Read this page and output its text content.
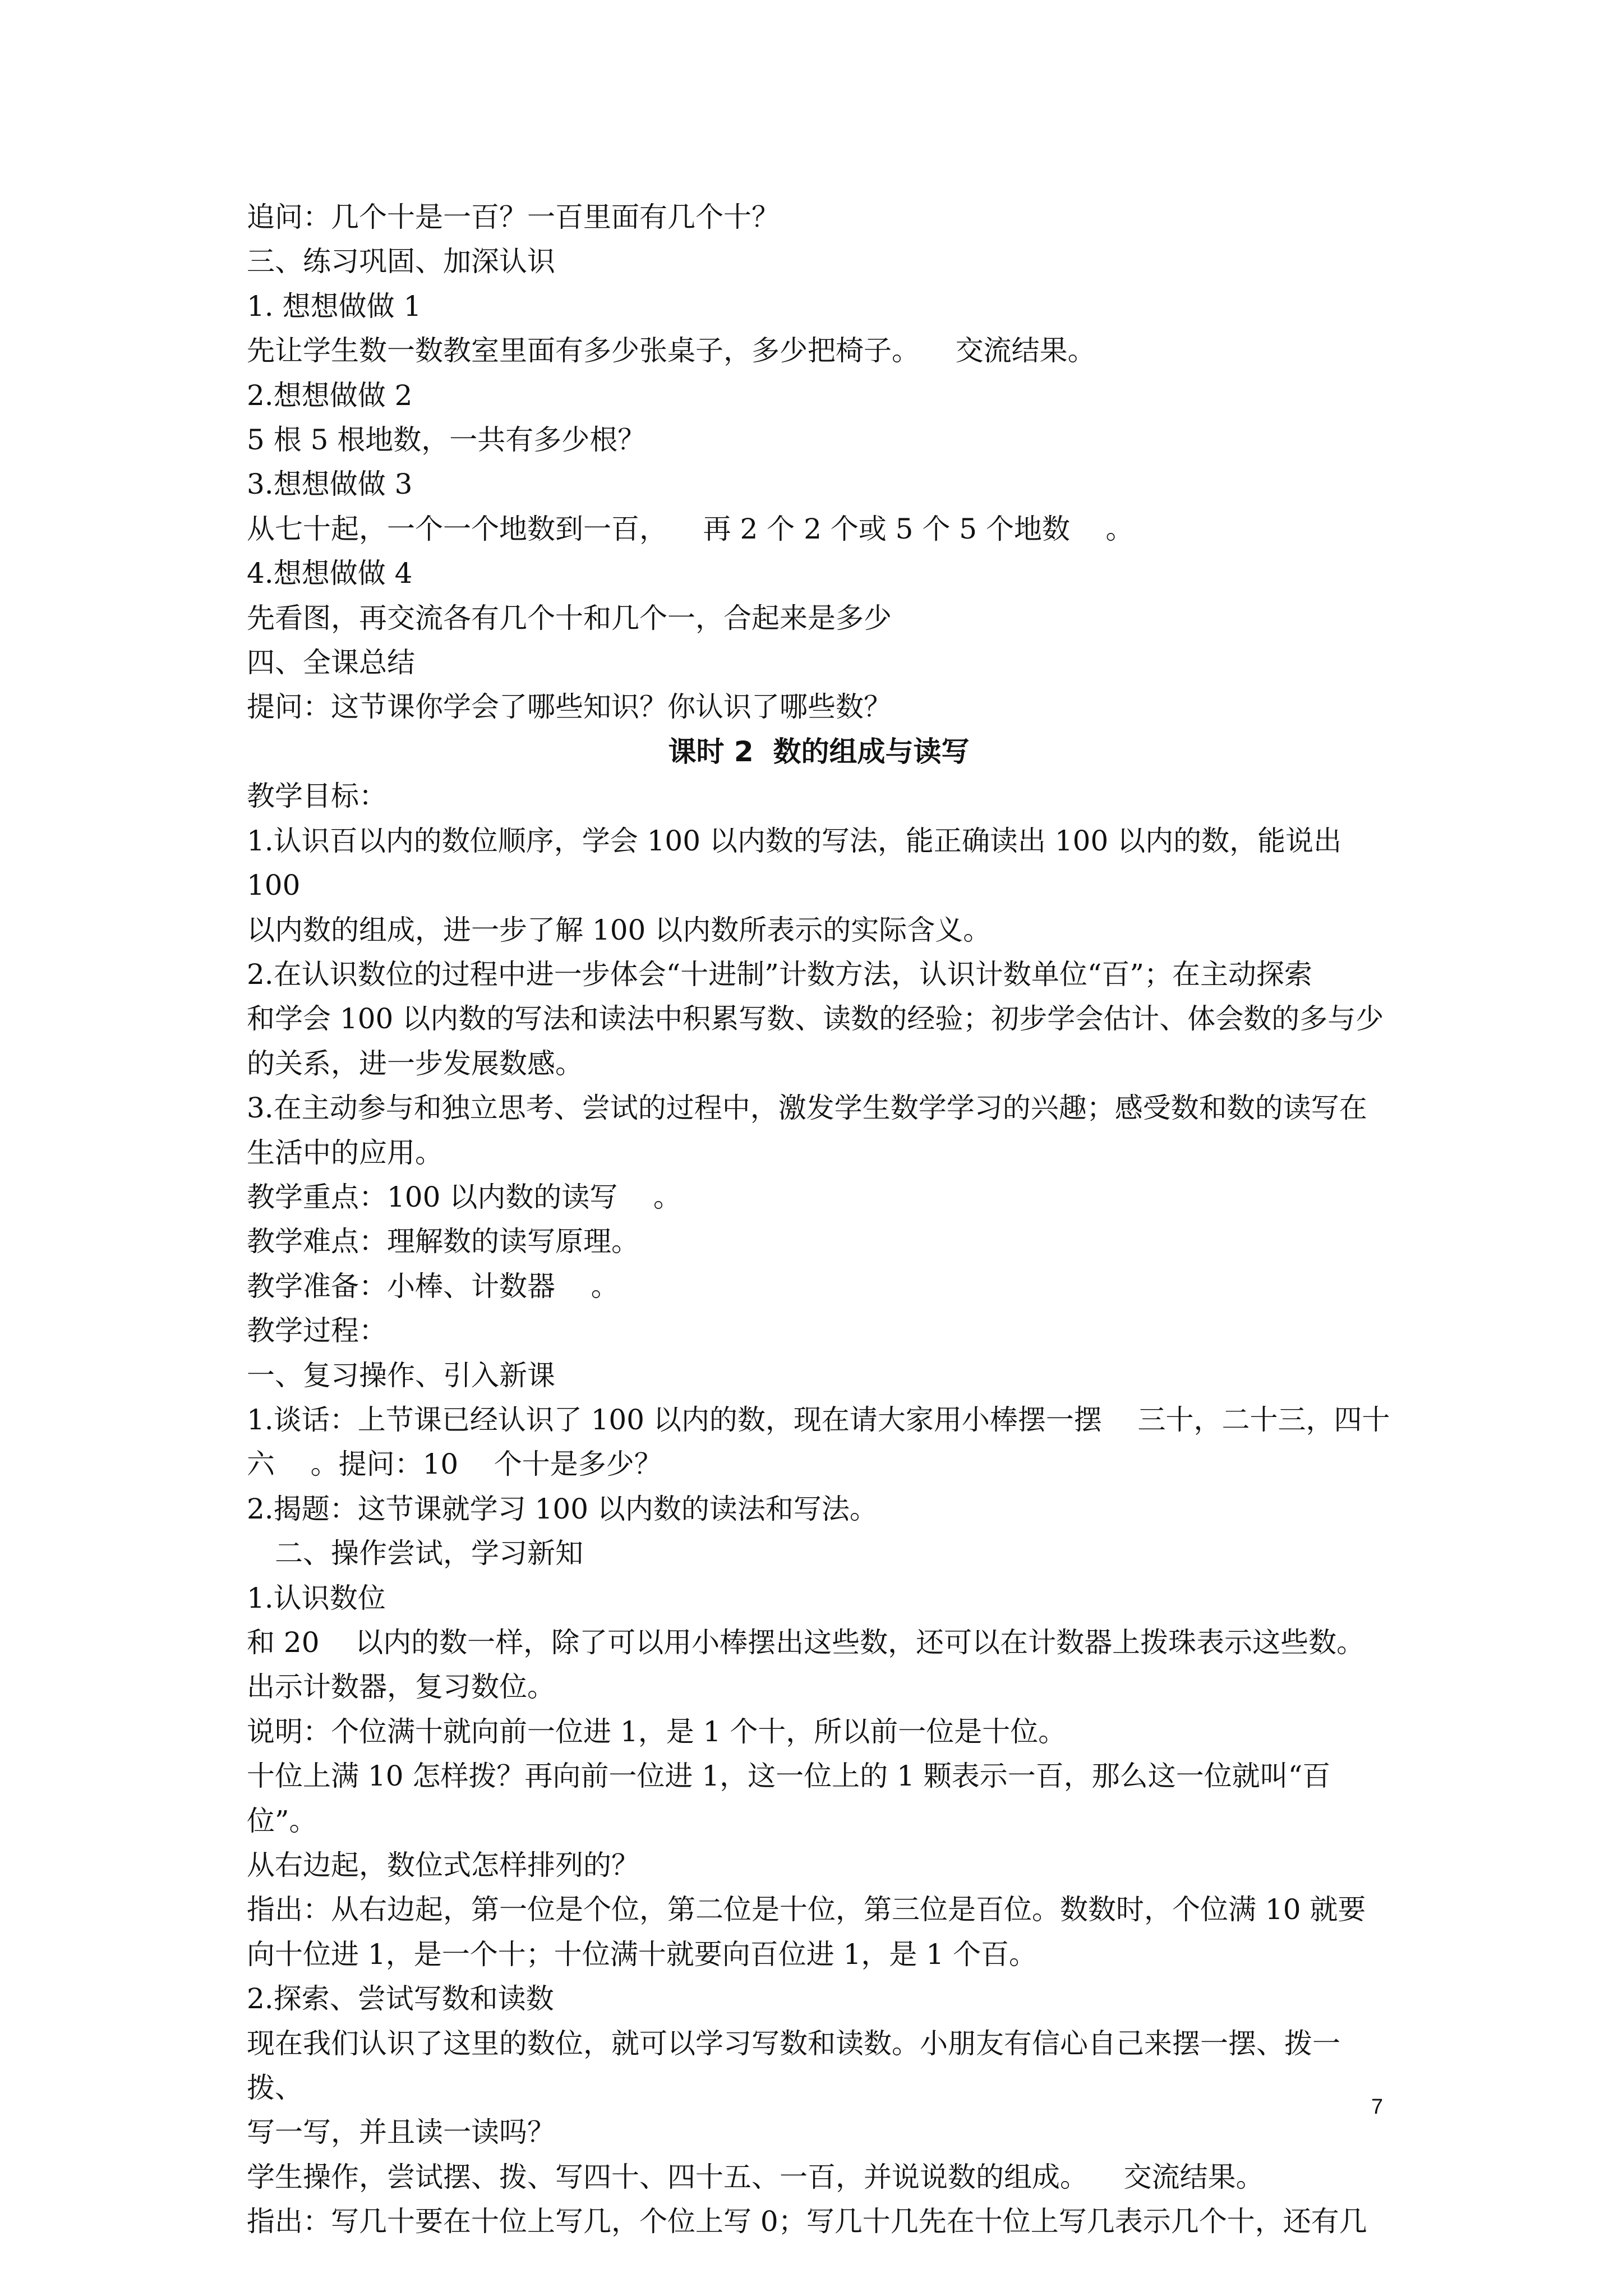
追问：几个十是一百？一百里面有几个十？

三、练习巩固、加深认识

1. 想想做做 1

先让学生数一数教室里面有多少张桌子，多少把椅子。    交流结果。

2.想想做做 2

5 根 5 根地数，一共有多少根？

3.想想做做 3

从七十起，一个一个地数到一百，    再 2 个 2 个或 5 个 5 个地数    。

4.想想做做 4

先看图，再交流各有几个十和几个一，合起来是多少

四、全课总结

提问：这节课你学会了哪些知识？你认识了哪些数？

课时 2  数的组成与读写

教学目标：

1.认识百以内的数位顺序，学会 100 以内数的写法，能正确读出 100 以内的数，能说出 100

以内数的组成，进一步了解 100 以内数所表示的实际含义。

2.在认识数位的过程中进一步体会“十进制”计数方法，认识计数单位“百”；在主动探索

和学会 100 以内数的写法和读法中积累写数、读数的经验；初步学会估计、体会数的多与少

的关系，进一步发展数感。

3.在主动参与和独立思考、尝试的过程中，激发学生数学学习的兴趣；感受数和数的读写在

生活中的应用。

教学重点：100 以内数的读写    。

教学难点：理解数的读写原理。

教学准备：小棒、计数器    。

教学过程：

一、复习操作、引入新课

1.谈话：上节课已经认识了 100 以内的数，现在请大家用小棒摆一摆    三十，二十三，四十

六    。提问：10    个十是多少？

2.揭题：这节课就学习 100 以内数的读法和写法。

二、操作尝试，学习新知

1.认识数位

和 20    以内的数一样，除了可以用小棒摆出这些数，还可以在计数器上拨珠表示这些数。

出示计数器，复习数位。

说明：个位满十就向前一位进 1，是 1 个十，所以前一位是十位。

十位上满 10 怎样拨？再向前一位进 1，这一位上的 1 颗表示一百，那么这一位就叫“百

位”。

从右边起，数位式怎样排列的？

指出：从右边起，第一位是个位，第二位是十位，第三位是百位。数数时，个位满 10 就要

向十位进 1，是一个十；十位满十就要向百位进 1，是 1 个百。

2.探索、尝试写数和读数

现在我们认识了这里的数位，就可以学习写数和读数。小朋友有信心自己来摆一摆、拨一拨、

写一写，并且读一读吗？

学生操作，尝试摆、拨、写四十、四十五、一百，并说说数的组成。    交流结果。

指出：写几十要在十位上写几，个位上写 0；写几十几先在十位上写几表示几个十，还有几

7
